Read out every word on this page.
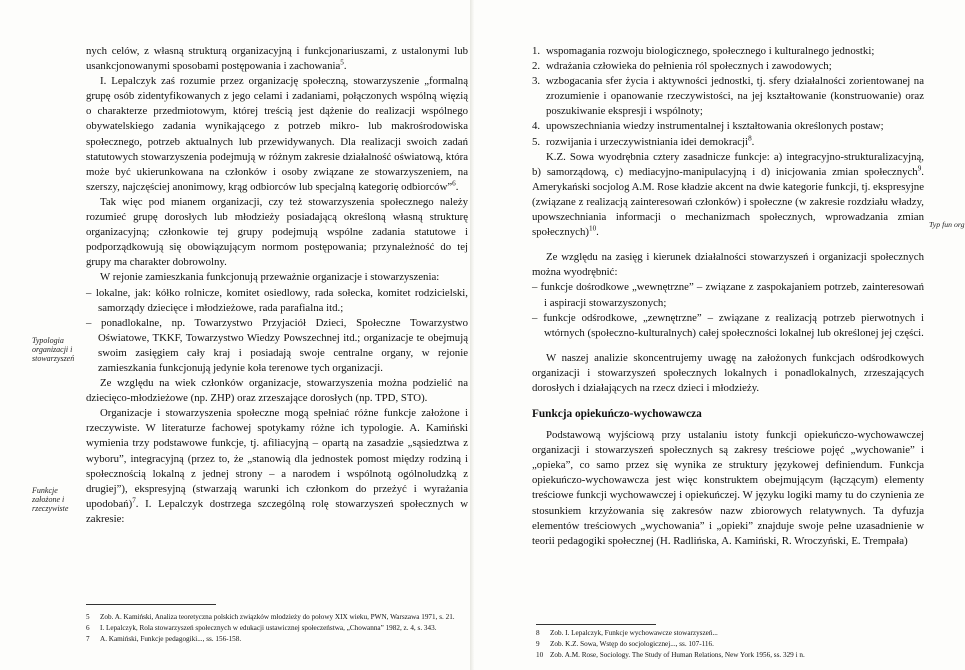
nych celów, z własną strukturą organizacyjną i funkcjonariuszami, z ustalonymi lub usankcjonowanymi sposobami postępowania i zachowania$^5$.

I. Lepalczyk zaś rozumie przez organizację społeczną, stowarzyszenie „formalną grupę osób zidentyfikowanych z jego celami i zadaniami, połączonych wspólną więzią o charakterze przedmiotowym, której treścią jest dążenie do realizacji wspólnego obywatelskiego zadania wynikającego z potrzeb mikro- lub makrośrodowiska społecznego, potrzeb aktualnych lub przewidywanych. Dla realizacji swoich zadań statutowych stowarzyszenia podejmują w różnym zakresie działalność oświatową, która może być ukierunkowana na członków i osoby związane ze stowarzyszeniem, na szerszy, najczęściej anonimowy, krąg odbiorców lub specjalną kategorię odbiorców”$^6$.

Tak więc pod mianem organizacji, czy też stowarzyszenia społecznego należy rozumieć grupę dorosłych lub młodzieży posiadającą określoną własną strukturę organizacyjną; członkowie tej grupy podejmują wspólne zadania statutowe i podporządkowują się obowiązującym normom postępowania; przynależność do tej grupy ma charakter dobrowolny.

W rejonie zamieszkania funkcjonują przeważnie organizacje i stowarzyszenia:

– lokalne, jak: kółko rolnicze, komitet osiedlowy, rada sołecka, komitet rodzicielski, samorządy dziecięce i młodzieżowe, rada parafialna itd.;

– ponadlokalne, np. Towarzystwo Przyjaciół Dzieci, Społeczne Towarzystwo Oświatowe, TKKF, Towarzystwo Wiedzy Powszechnej itd.; organizacje te obejmują swoim zasięgiem cały kraj i posiadają swoje centralne organy, w rejonie zamieszkania funkcjonują jedynie koła terenowe tych organizacji.

Ze względu na wiek członków organizacje, stowarzyszenia można podzielić na dziecięco-młodzieżowe (np. ZHP) oraz zrzeszające dorosłych (np. TPD, STO).

Organizacje i stowarzyszenia społeczne mogą spełniać różne funkcje założone i rzeczywiste. W literaturze fachowej spotykamy różne ich typologie. A. Kamiński wymienia trzy podstawowe funkcje, tj. afiliacyjną – opartą na zasadzie „sąsiedztwa z wyboru”, integracyjną (przez to, że „stanowią dla jednostek pomost między rodziną i społecznością lokalną z jednej strony – a narodem i wspólnotą ogólnoludzką z drugiej”), ekspresyjną (stwarzają warunki ich członkom do przeżyć i wyrażania upodobań)$^7$. I. Lepalczyk dostrzega szczególną rolę stowarzyszeń społecznych w zakresie:

Typologia organizacji i stowarzyszeń
Funkcje założone i rzeczywiste
5 Zob. A. Kamiński, Analiza teoretyczna polskich związków młodzieży do połowy XIX wieku, PWN, Warszawa 1971, s. 21.
6 I. Lepalczyk, Rola stowarzyszeń społecznych w edukacji ustawicznej społeczeństwa, „Chowanna” 1982, z. 4, s. 343.
7 A. Kamiński, Funkcje pedagogiki..., ss. 156-158.
1. wspomagania rozwoju biologicznego, społecznego i kulturalnego jednostki;
2. wdrażania człowieka do pełnienia ról społecznych i zawodowych;
3. wzbogacania sfer życia i aktywności jednostki, tj. sfery działalności zorientowanej na zrozumienie i opanowanie rzeczywistości, na jej kształtowanie (konstruowanie) oraz poszukiwanie ekspresji i wspólnoty;
4. upowszechniania wiedzy instrumentalnej i kształtowania określonych postaw;
5. rozwijania i urzeczywistniania idei demokracji$^8$.

K.Z. Sowa wyodrębnia cztery zasadnicze funkcje: a) integracyjno-strukturalizacyjną, b) samorządową, c) mediacyjno-manipulacyjną i d) inicjowania zmian społecznych$^9$. Amerykański socjolog A.M. Rose kładzie akcent na dwie kategorie funkcji, tj. ekspresyjne (związane z realizacją zainteresowań członków) i społeczne (w zakresie rozdziału władzy, upowszechniania informacji o mechanizmach społecznych, wprowadzania zmian społecznych)$^{10}$.

Ze względu na zasięg i kierunek działalności stowarzyszeń i organizacji społecznych można wyodrębnić:

– funkcje dośrodkowe „wewnętrzne” – związane z zaspokajaniem potrzeb, zainteresowań i aspiracji stowarzyszonych;

– funkcje odśrodkowe, „zewnętrzne” – związane z realizacją potrzeb pierwotnych i wtórnych (społeczno-kulturalnych) całej społeczności lokalnej lub określonej jej części.

W naszej analizie skoncentrujemy uwagę na założonych funkcjach odśrodkowych organizacji i stowarzyszeń społecznych lokalnych i ponadlokalnych, zrzeszających dorosłych i działających na rzecz dzieci i młodzieży.

Funkcja opiekuńczo-wychowawcza

Podstawową wyjściową przy ustalaniu istoty funkcji opiekuńczo-wychowawczej organizacji i stowarzyszeń społecznych są zakresy treściowe pojęć „wychowanie” i „opieka”, co samo przez się wynika ze struktury językowej definiendum. Funkcja opiekuńczo-wychowawcza jest więc konstruktem obejmującym (łączącym) elementy treściowe funkcji wychowawczej i opiekuńczej. W języku logiki mamy tu do czynienia ze stosunkiem krzyżowania się zakresów nazw zbiorowych relatywnych. Ta dyfuzja elementów treściowych „wychowania” i „opieki” znajduje swoje pełne uzasadnienie w teorii pedagogiki społecznej (H. Radlińska, A. Kamiński, R. Wroczyński, E. Trempała)

Typ fun org
8 Zob. I. Lepalczyk, Funkcje wychowawcze stowarzyszeń...
9 Zob. K.Z. Sowa, Wstęp do socjologicznej..., ss. 107-116.
10 Zob. A.M. Rose, Sociology. The Study of Human Relations, New York 1956, ss. 329 i n.
